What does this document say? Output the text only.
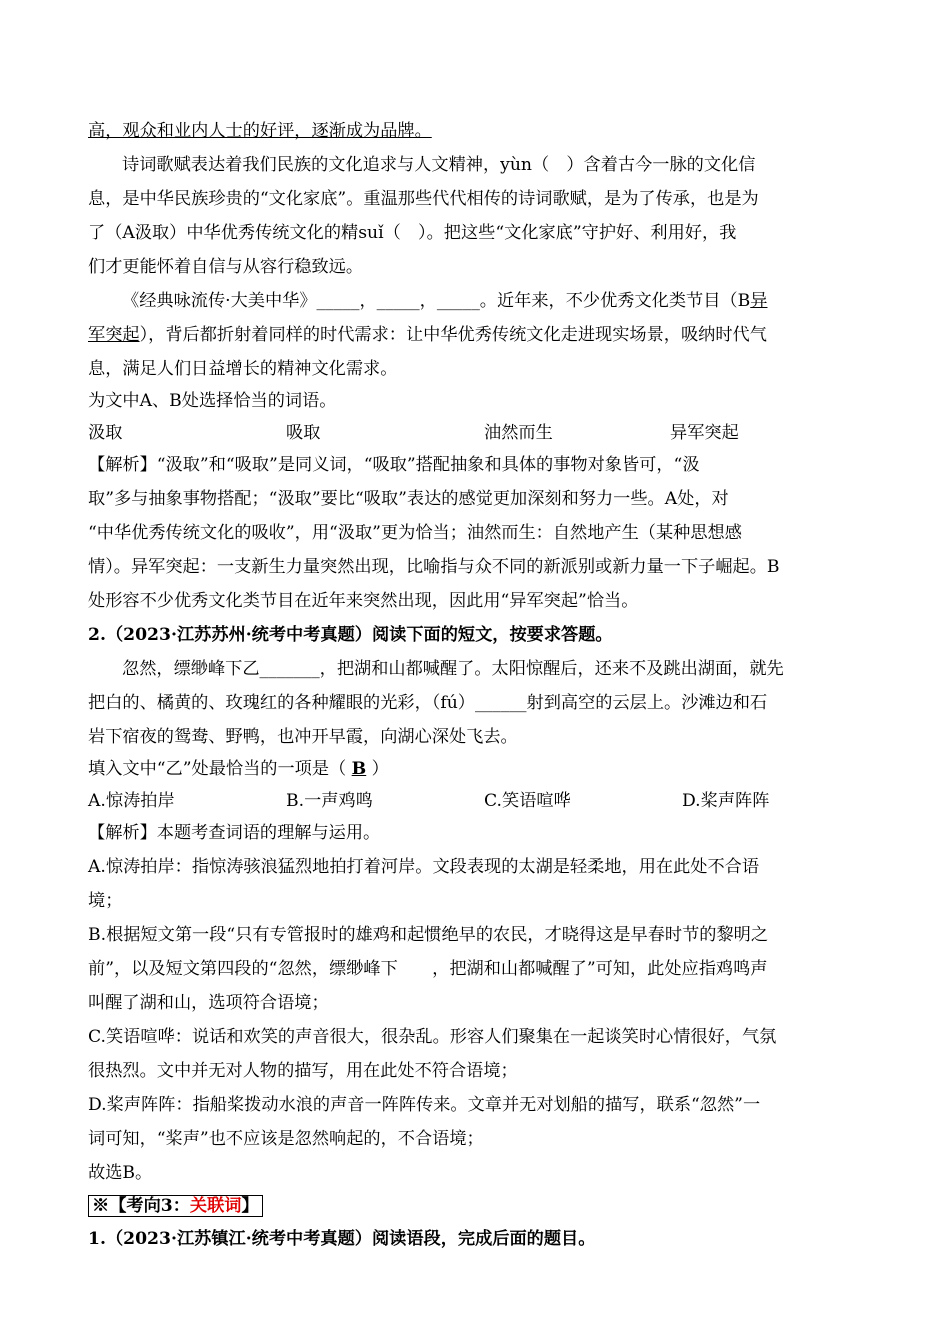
高，观众和业内人士的好评，逐渐成为品牌。
诗词歌赋表达着我们民族的文化追求与人文精神，yùn（　）含着古今一脉的文化信
息，是中华民族珍贵的“文化家底”。重温那些代代相传的诗词歌赋，是为了传承，也是为
了（A汲取）中华优秀传统文化的精suǐ（　）。把这些“文化家底”守护好、利用好，我
们才更能怀着自信与从容行稳致远。
《经典咏流传·大美中华》_____，_____，_____。近年来，不少优秀文化类节目（B异
军突起），背后都折射着同样的时代需求：让中华优秀传统文化走进现实场景，吸纳时代气
息，满足人们日益增长的精神文化需求。
为文中A、B处选择恰当的词语。
汲取	吸取	油然而生	异军突起
【解析】“汲取”和“吸取”是同义词，“吸取”搭配抽象和具体的事物对象皆可，“汲
取”多与抽象事物搭配；“汲取”要比“吸取”表达的感觉更加深刻和努力一些。A处，对
“中华优秀传统文化的吸收”，用“汲取”更为恰当；油然而生：自然地产生（某种思想感
情）。异军突起：一支新生力量突然出现，比喻指与众不同的新派别或新力量一下子崛起。B
处形容不少优秀文化类节目在近年来突然出现，因此用“异军突起”恰当。
2.（2023·江苏苏州·统考中考真题）阅读下面的短文，按要求答题。
忽然，缥缈峰下乙_______，把湖和山都喊醒了。太阳惊醒后，还来不及跳出湖面，就先
把白的、橘黄的、玫瑰红的各种耀眼的光彩，（fú）______射到高空的云层上。沙滩边和石
岩下宿夜的鸳鸯、野鸭，也冲开早霞，向湖心深处飞去。
填入文中“乙”处最恰当的一项是（ B ）
A.惊涛拍岸	B.一声鸡鸣	C.笑语喧哗	D.桨声阵阵
【解析】本题考查词语的理解与运用。
A.惊涛拍岸：指惊涛骇浪猛烈地拍打着河岸。文段表现的太湖是轻柔地，用在此处不合语
境；
B.根据短文第一段“只有专管报时的雄鸡和起惯绝早的农民，才晓得这是早春时节的黎明之
前”，以及短文第四段的“忽然，缥缈峰下　　，把湖和山都喊醒了”可知，此处应指鸡鸣声
叫醒了湖和山，选项符合语境；
C.笑语喧哗：说话和欢笑的声音很大，很杂乱。形容人们聚集在一起谈笑时心情很好，气氛
很热烈。文中并无对人物的描写，用在此处不符合语境；
D.桨声阵阵：指船桨拨动水浪的声音一阵阵传来。文章并无对划船的描写，联系“忽然”一
词可知，“桨声”也不应该是忽然响起的，不合语境；
故选B。
※【考向3：关联词】
1.（2023·江苏镇江·统考中考真题）阅读语段，完成后面的题目。
